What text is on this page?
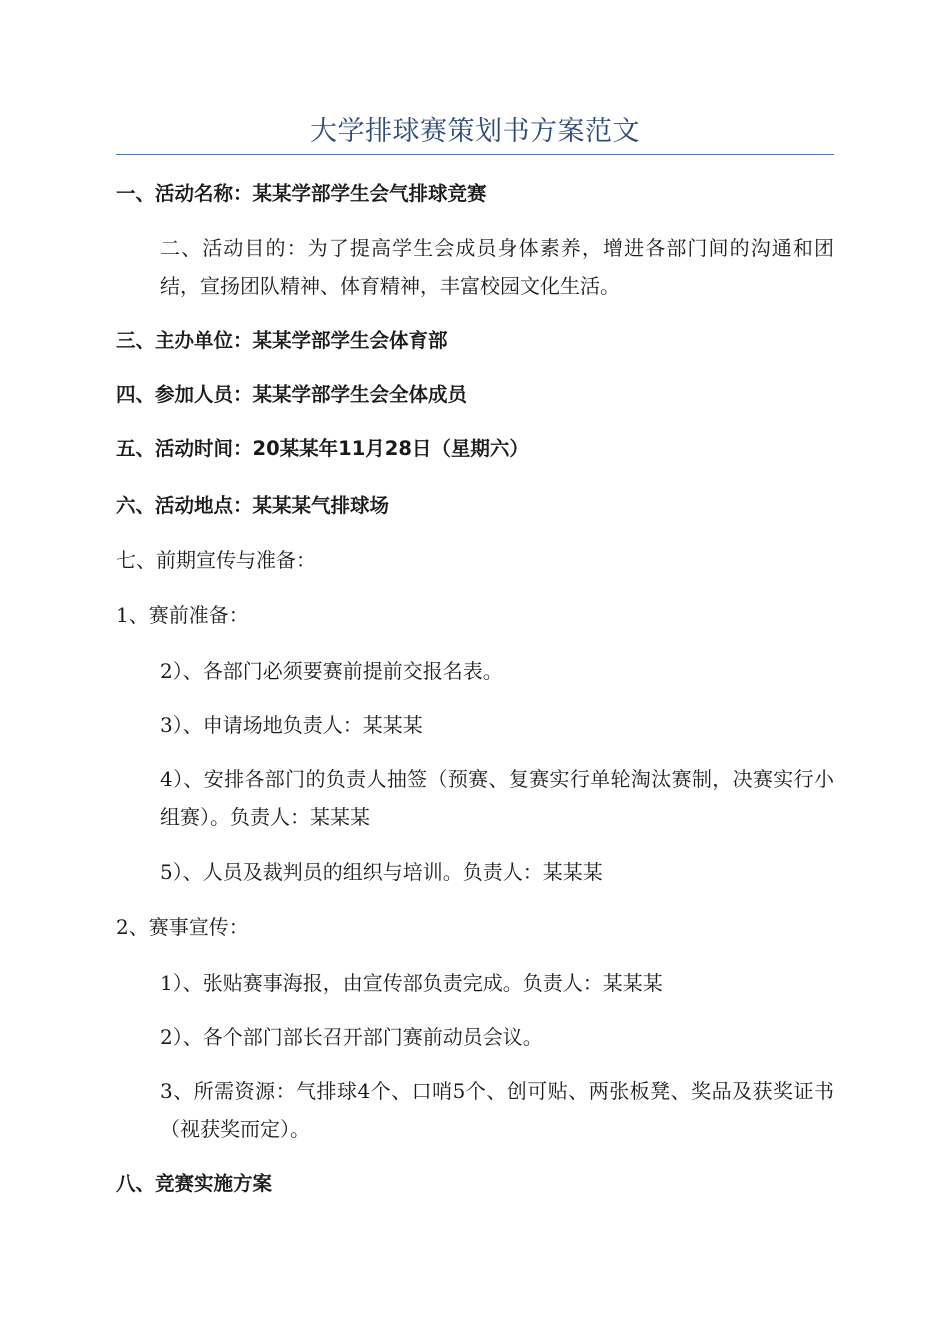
大学排球赛策划书方案范文
一、活动名称：某某学部学生会气排球竞赛
二、活动目的：为了提高学生会成员身体素养，增进各部门间的沟通和团结，宣扬团队精神、体育精神，丰富校园文化生活。
三、主办单位：某某学部学生会体育部
四、参加人员：某某学部学生会全体成员
五、活动时间：20某某年11月28日（星期六）
六、活动地点：某某某气排球场
七、前期宣传与准备：
1、赛前准备：
2）、各部门必须要赛前提前交报名表。
3）、申请场地负责人：某某某
4）、安排各部门的负责人抽签（预赛、复赛实行单轮淘汰赛制，决赛实行小组赛）。负责人：某某某
5）、人员及裁判员的组织与培训。负责人：某某某
2、赛事宣传：
1）、张贴赛事海报，由宣传部负责完成。负责人：某某某
2）、各个部门部长召开部门赛前动员会议。
3、所需资源：气排球4个、口哨5个、创可贴、两张板凳、奖品及获奖证书（视获奖而定）。
八、竞赛实施方案
